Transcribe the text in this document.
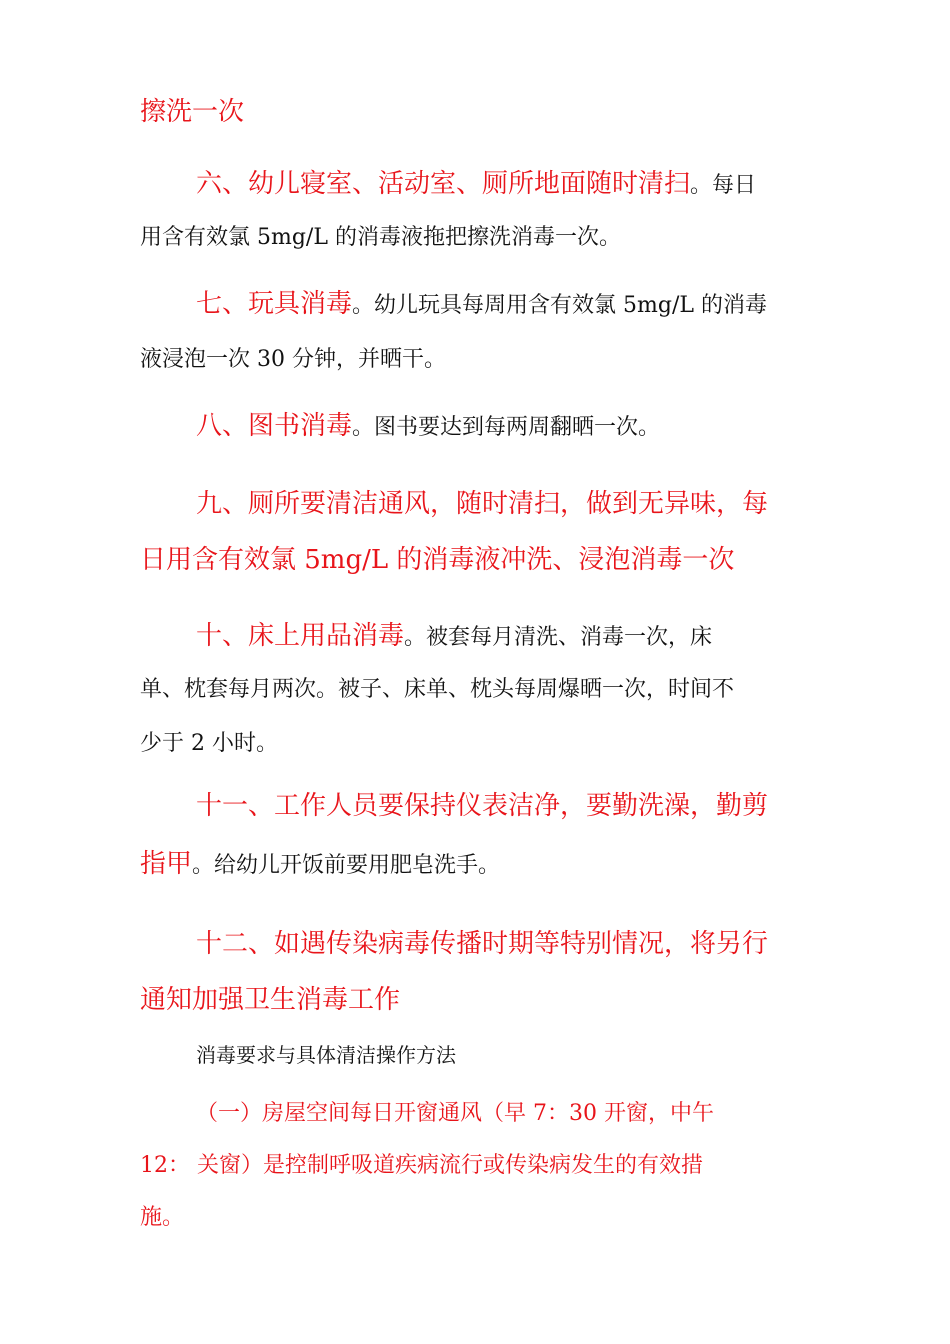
擦洗一次
六、幼儿寝室、活动室、厕所地面随时清扫。每日
用含有效氯 5mg/L 的消毒液拖把擦洗消毒一次。
七、玩具消毒。幼儿玩具每周用含有效氯 5mg/L 的消毒
液浸泡一次 30 分钟，并晒干。
八、图书消毒。图书要达到每两周翻晒一次。
九、厕所要清洁通风，随时清扫，做到无异味，每
日用含有效氯 5mg/L 的消毒液冲洗、浸泡消毒一次
十、床上用品消毒。被套每月清洗、消毒一次，床
单、枕套每月两次。被子、床单、枕头每周爆晒一次，时间不
少于 2 小时。
十一、工作人员要保持仪表洁净，要勤洗澡，勤剪
指甲。给幼儿开饭前要用肥皂洗手。
十二、如遇传染病毒传播时期等特别情况，将另行
通知加强卫生消毒工作
消毒要求与具体清洁操作方法
（一）房屋空间每日开窗通风（早 7：30 开窗，中午
12： 关窗）是控制呼吸道疾病流行或传染病发生的有效措
施。
